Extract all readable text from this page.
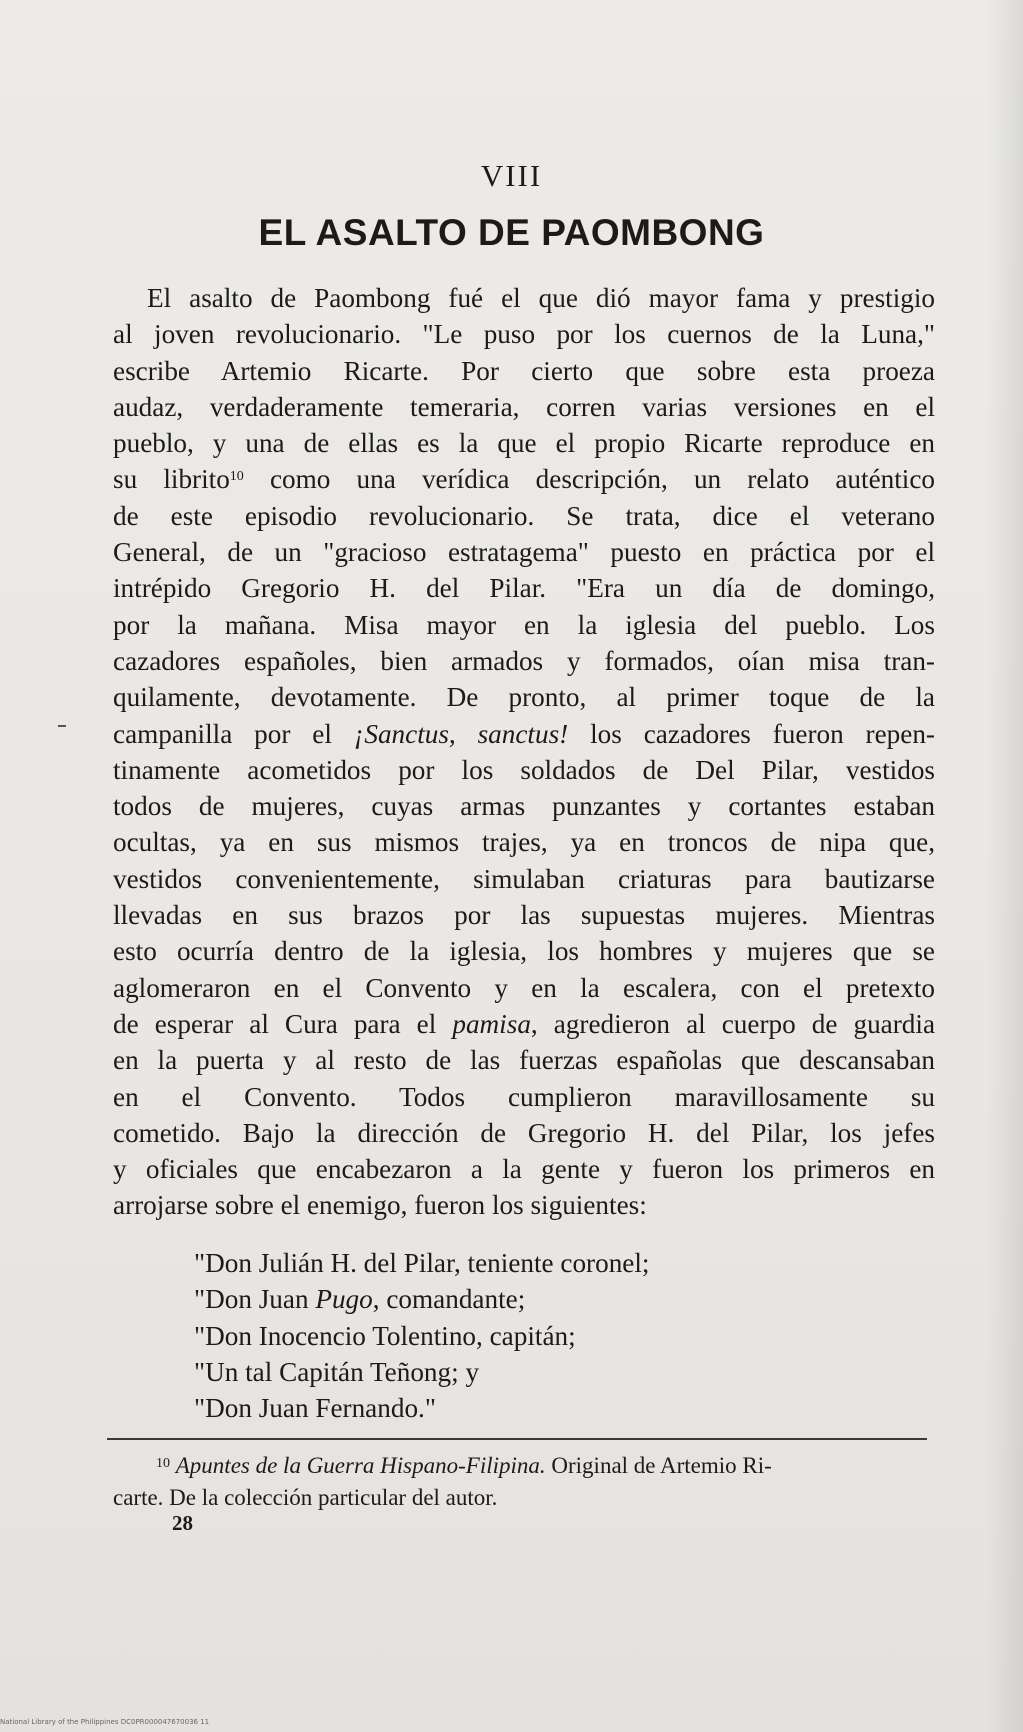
VIII
EL ASALTO DE PAOMBONG
El asalto de Paombong fué el que dió mayor fama y prestigio
al joven revolucionario. "Le puso por los cuernos de la Luna,"
escribe Artemio Ricarte. Por cierto que sobre esta proeza
audaz, verdaderamente temeraria, corren varias versiones en el
pueblo, y una de ellas es la que el propio Ricarte reproduce en
su librito$^{10}$ como una verídica descripción, un relato auténtico
de este episodio revolucionario. Se trata, dice el veterano
General, de un "gracioso estratagema" puesto en práctica por el
intrépido Gregorio H. del Pilar. "Era un día de domingo,
por la mañana. Misa mayor en la iglesia del pueblo. Los
cazadores españoles, bien armados y formados, oían misa tran-
quilamente, devotamente. De pronto, al primer toque de la
campanilla por el ¡Sanctus, sanctus! los cazadores fueron repen-
tinamente acometidos por los soldados de Del Pilar, vestidos
todos de mujeres, cuyas armas punzantes y cortantes estaban
ocultas, ya en sus mismos trajes, ya en troncos de nipa que,
vestidos convenientemente, simulaban criaturas para bautizarse
llevadas en sus brazos por las supuestas mujeres. Mientras
esto ocurría dentro de la iglesia, los hombres y mujeres que se
aglomeraron en el Convento y en la escalera, con el pretexto
de esperar al Cura para el pamisa, agredieron al cuerpo de guardia
en la puerta y al resto de las fuerzas españolas que descansaban
en el Convento. Todos cumplieron maravillosamente su
cometido. Bajo la dirección de Gregorio H. del Pilar, los jefes
y oficiales que encabezaron a la gente y fueron los primeros en
arrojarse sobre el enemigo, fueron los siguientes:
"Don Julián H. del Pilar, teniente coronel;
"Don Juan Pugo, comandante;
"Don Inocencio Tolentino, capitán;
"Un tal Capitán Teñong; y
"Don Juan Fernando."
$^{10}$ Apuntes de la Guerra Hispano-Filipina. Original de Artemio Ri-
carte. De la colección particular del autor.
28
National Library of the Philippines DC0PR000047670036 11
